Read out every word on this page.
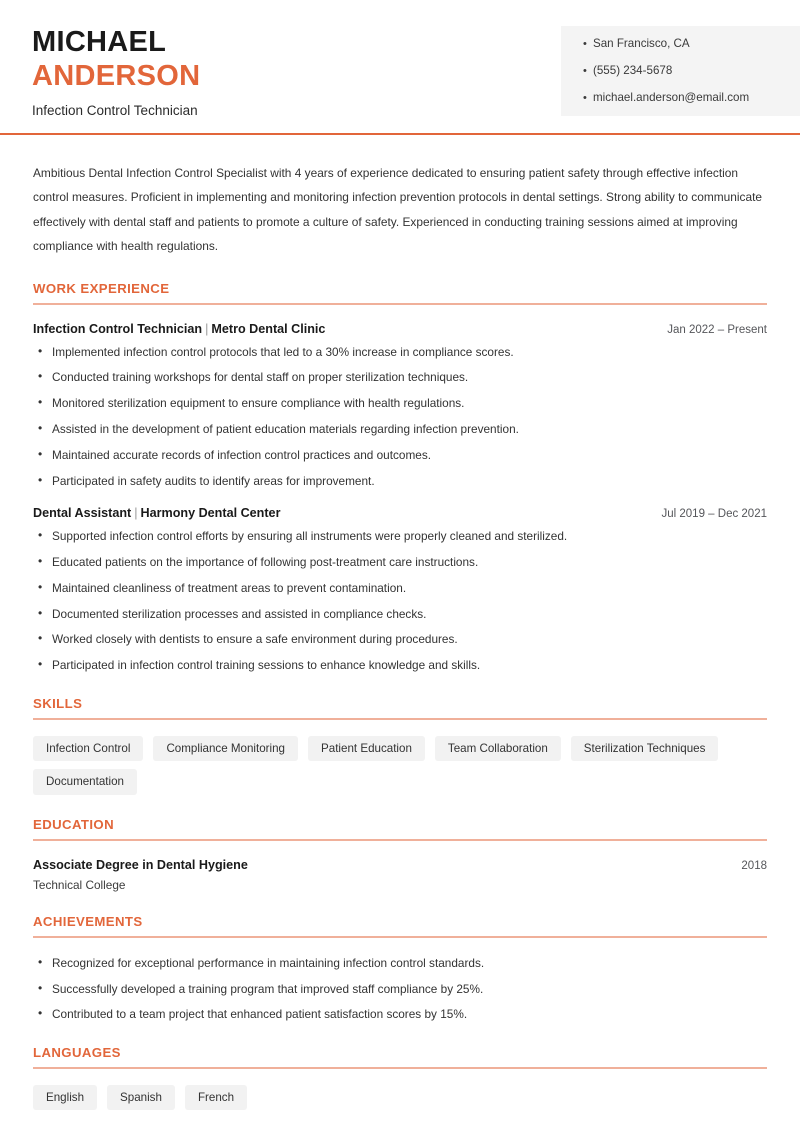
MICHAEL
ANDERSON
Infection Control Technician
• San Francisco, CA
• (555) 234-5678
• michael.anderson@email.com

Ambitious Dental Infection Control Specialist with 4 years of experience dedicated to ensuring patient safety through effective infection control measures. Proficient in implementing and monitoring infection prevention protocols in dental settings. Strong ability to communicate effectively with dental staff and patients to promote a culture of safety. Experienced in conducting training sessions aimed at improving compliance with health regulations.

WORK EXPERIENCE
Infection Control Technician | Metro Dental Clinic	Jan 2022 – Present
• Implemented infection control protocols that led to a 30% increase in compliance scores.
• Conducted training workshops for dental staff on proper sterilization techniques.
• Monitored sterilization equipment to ensure compliance with health regulations.
• Assisted in the development of patient education materials regarding infection prevention.
• Maintained accurate records of infection control practices and outcomes.
• Participated in safety audits to identify areas for improvement.
Dental Assistant | Harmony Dental Center	Jul 2019 – Dec 2021
• Supported infection control efforts by ensuring all instruments were properly cleaned and sterilized.
• Educated patients on the importance of following post-treatment care instructions.
• Maintained cleanliness of treatment areas to prevent contamination.
• Documented sterilization processes and assisted in compliance checks.
• Worked closely with dentists to ensure a safe environment during procedures.
• Participated in infection control training sessions to enhance knowledge and skills.
SKILLS
Infection Control	Compliance Monitoring	Patient Education	Team Collaboration	Sterilization Techniques
Documentation
EDUCATION
Associate Degree in Dental Hygiene	2018
Technical College
ACHIEVEMENTS
• Recognized for exceptional performance in maintaining infection control standards.
• Successfully developed a training program that improved staff compliance by 25%.
• Contributed to a team project that enhanced patient satisfaction scores by 15%.
LANGUAGES
English	Spanish	French
